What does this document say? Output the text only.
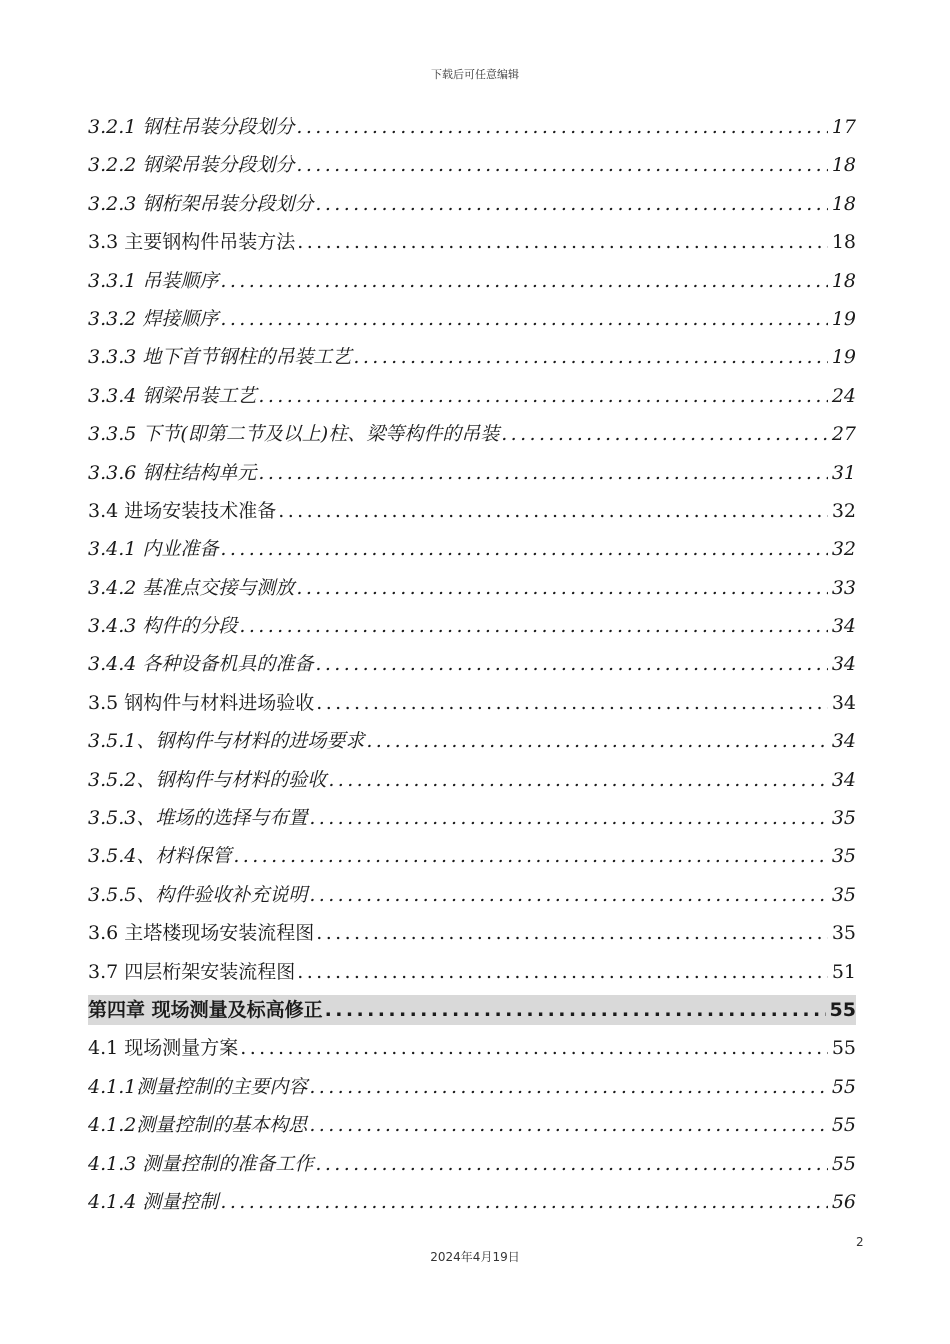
下载后可任意编辑
3.2.1 钢柱吊装分段划分 .....	17
3.2.2 钢梁吊装分段划分 .....	18
3.2.3 钢桁架吊装分段划分 .....	18
3.3 主要钢构件吊装方法 .....	18
3.3.1 吊装顺序 .....	18
3.3.2 焊接顺序 .....	19
3.3.3 地下首节钢柱的吊装工艺 .....	19
3.3.4 钢梁吊装工艺 .....	24
3.3.5 下节(即第二节及以上)柱、梁等构件的吊装 .....	27
3.3.6 钢柱结构单元 .....	31
3.4 进场安装技术准备 .....	32
3.4.1 内业准备 .....	32
3.4.2 基准点交接与测放 .....	33
3.4.3 构件的分段 .....	34
3.4.4 各种设备机具的准备 .....	34
3.5 钢构件与材料进场验收 .....	34
3.5.1、钢构件与材料的进场要求 .....	34
3.5.2、钢构件与材料的验收 .....	34
3.5.3、堆场的选择与布置 .....	35
3.5.4、材料保管 .....	35
3.5.5、构件验收补充说明 .....	35
3.6 主塔楼现场安装流程图 .....	35
3.7 四层桁架安装流程图 .....	51
第四章 现场测量及标高修正 .....	55
4.1 现场测量方案 .....	55
4.1.1测量控制的主要内容 .....	55
4.1.2测量控制的基本构思 .....	55
4.1.3 测量控制的准备工作 .....	55
4.1.4 测量控制 .....	56
2
2024年4月19日
